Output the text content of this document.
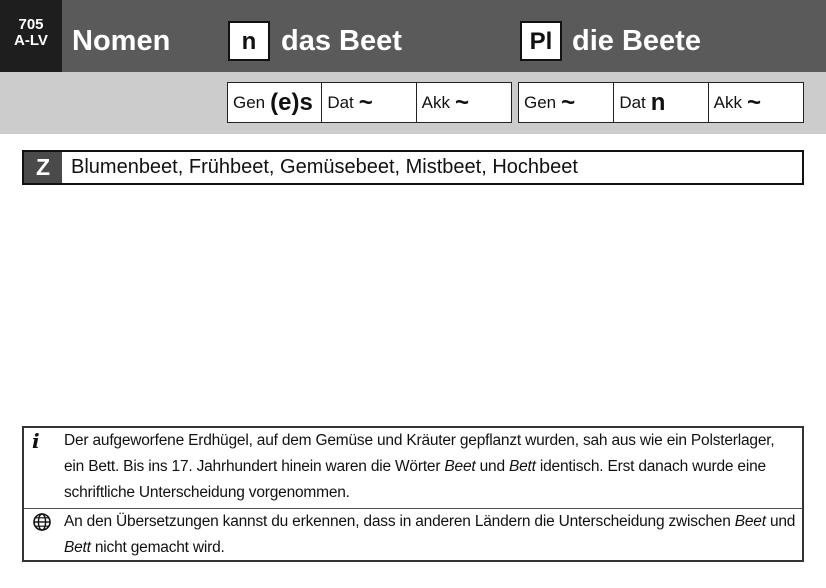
705
A-LV Nomen	n das Beet	Pl die Beete
Gen (e)s Dat ~	Akk ~	Gen ~	Dat n	Akk ~
Z	Blumenbeet, Frühbeet, Gemüsebeet, Mistbeet, Hochbeet
i	Der aufgeworfene Erdhügel, auf dem Gemüse und Kräuter gepflanzt wurden, sah aus wie ein Polsterlager, ein Bett. Bis ins 17. Jahrhundert hinein waren die Wörter Beet und Bett identisch. Erst danach wurde eine schriftliche Unterscheidung vorgenommen.
An den Übersetzungen kannst du erkennen, dass in anderen Ländern die Unterscheidung zwischen Beet und Bett nicht gemacht wird.
